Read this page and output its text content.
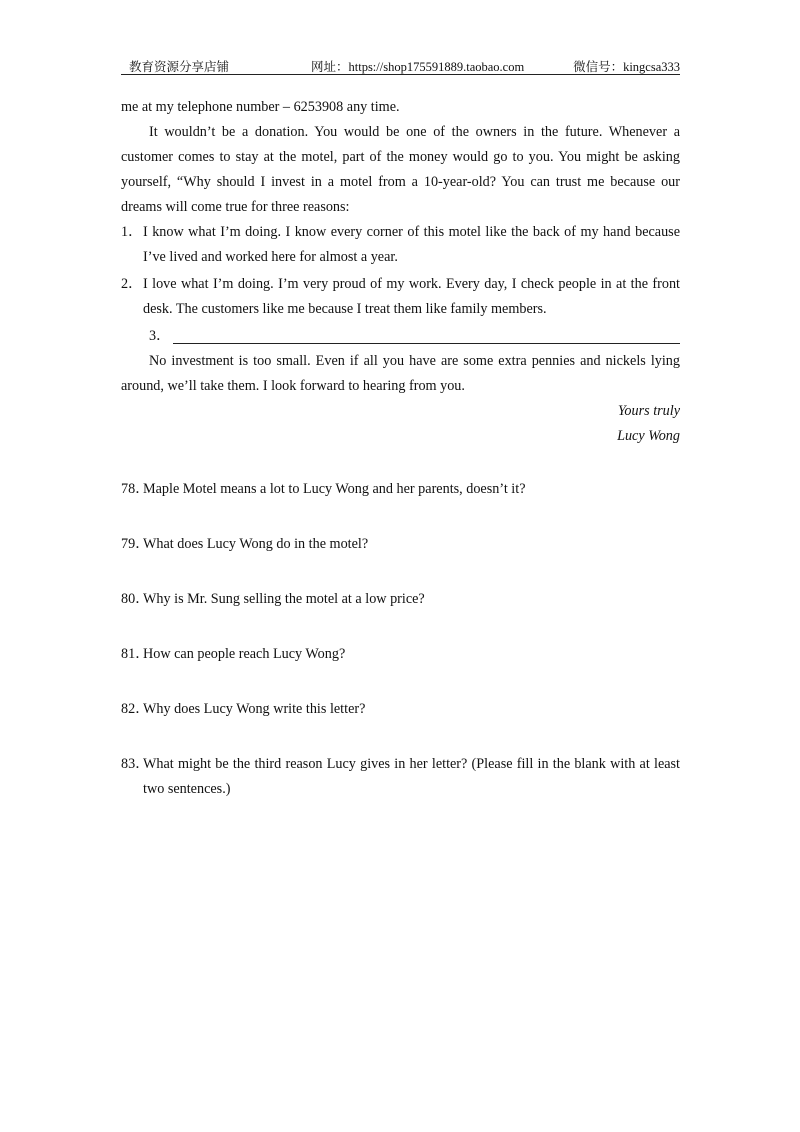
教育资源分享店铺	网址：https://shop175591889.taobao.com	微信号：kingcsa333

me at my telephone number – 6253908 any time.

It wouldn’t be a donation. You would be one of the owners in the future. Whenever a customer comes to stay at the motel, part of the money would go to you. You might be asking yourself, “Why should I invest in a motel from a 10-year-old? You can trust me because our dreams will come true for three reasons:

1． I know what I’m doing. I know every corner of this motel like the back of my hand because I’ve lived and worked here for almost a year.
2． I love what I’m doing. I’m very proud of my work. Every day, I check people in at the front desk. The customers like me because I treat them like family members.
3．

No investment is too small. Even if all you have are some extra pennies and nickels lying around, we’ll take them. I look forward to hearing from you.

Yours truly

Lucy Wong

78．
Maple Motel means a lot to Lucy Wong and her parents, doesn’t it?
79．
What does Lucy Wong do in the motel?
80．
Why is Mr. Sung selling the motel at a low price?
81．
How can people reach Lucy Wong?
82．
Why does Lucy Wong write this letter?
83．
What might be the third reason Lucy gives in her letter? (Please fill in the blank with at least two sentences.)
